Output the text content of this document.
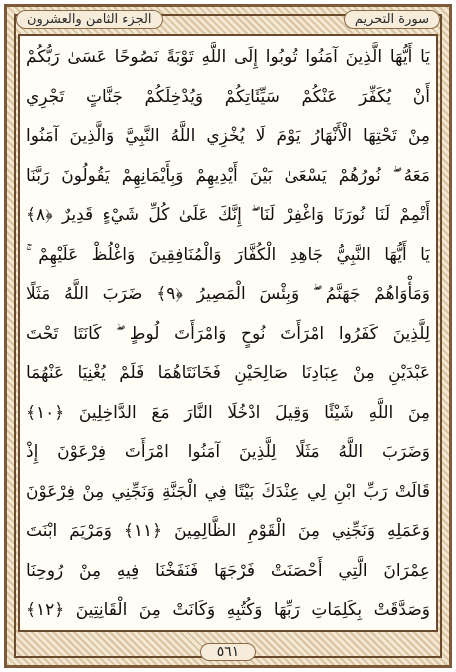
الجزء الثامن والعشرون	سورة التحريم
يَا أَيُّهَا الَّذِينَ آمَنُوا تُوبُوا إِلَى اللَّهِ تَوْبَةً نَصُوحًا عَسَىٰ رَبُّكُمْ
أَنْ يُكَفِّرَ عَنْكُمْ سَيِّئَاتِكُمْ وَيُدْخِلَكُمْ جَنَّاتٍ تَجْرِي
مِنْ تَحْتِهَا الْأَنْهَارُ يَوْمَ لَا يُخْزِي اللَّهُ النَّبِيَّ وَالَّذِينَ آمَنُوا
مَعَهُ ۖ نُورُهُمْ يَسْعَىٰ بَيْنَ أَيْدِيهِمْ وَبِأَيْمَانِهِمْ يَقُولُونَ رَبَّنَا
أَتْمِمْ لَنَا نُورَنَا وَاغْفِرْ لَنَا ۖ إِنَّكَ عَلَىٰ كُلِّ شَيْءٍ قَدِيرٌ ﴿٨﴾
يَا أَيُّهَا النَّبِيُّ جَاهِدِ الْكُفَّارَ وَالْمُنَافِقِينَ وَاغْلُظْ عَلَيْهِمْ ۚ
وَمَأْوَاهُمْ جَهَنَّمُ ۖ وَبِئْسَ الْمَصِيرُ ﴿٩﴾ ضَرَبَ اللَّهُ مَثَلًا
لِلَّذِينَ كَفَرُوا امْرَأَتَ نُوحٍ وَامْرَأَتَ لُوطٍ ۖ كَانَتَا تَحْتَ
عَبْدَيْنِ مِنْ عِبَادِنَا صَالِحَيْنِ فَخَانَتَاهُمَا فَلَمْ يُغْنِيَا عَنْهُمَا
مِنَ اللَّهِ شَيْئًا وَقِيلَ ادْخُلَا النَّارَ مَعَ الدَّاخِلِينَ ﴿١٠﴾
وَضَرَبَ اللَّهُ مَثَلًا لِلَّذِينَ آمَنُوا امْرَأَتَ فِرْعَوْنَ إِذْ
قَالَتْ رَبِّ ابْنِ لِي عِنْدَكَ بَيْتًا فِي الْجَنَّةِ وَنَجِّنِي مِنْ فِرْعَوْنَ
وَعَمَلِهِ وَنَجِّنِي مِنَ الْقَوْمِ الظَّالِمِينَ ﴿١١﴾ وَمَرْيَمَ ابْنَتَ
عِمْرَانَ الَّتِي أَحْصَنَتْ فَرْجَهَا فَنَفَخْنَا فِيهِ مِنْ رُوحِنَا
وَصَدَّقَتْ بِكَلِمَاتِ رَبِّهَا وَكُتُبِهِ وَكَانَتْ مِنَ الْقَانِتِينَ ﴿١٢﴾
٥٦١
